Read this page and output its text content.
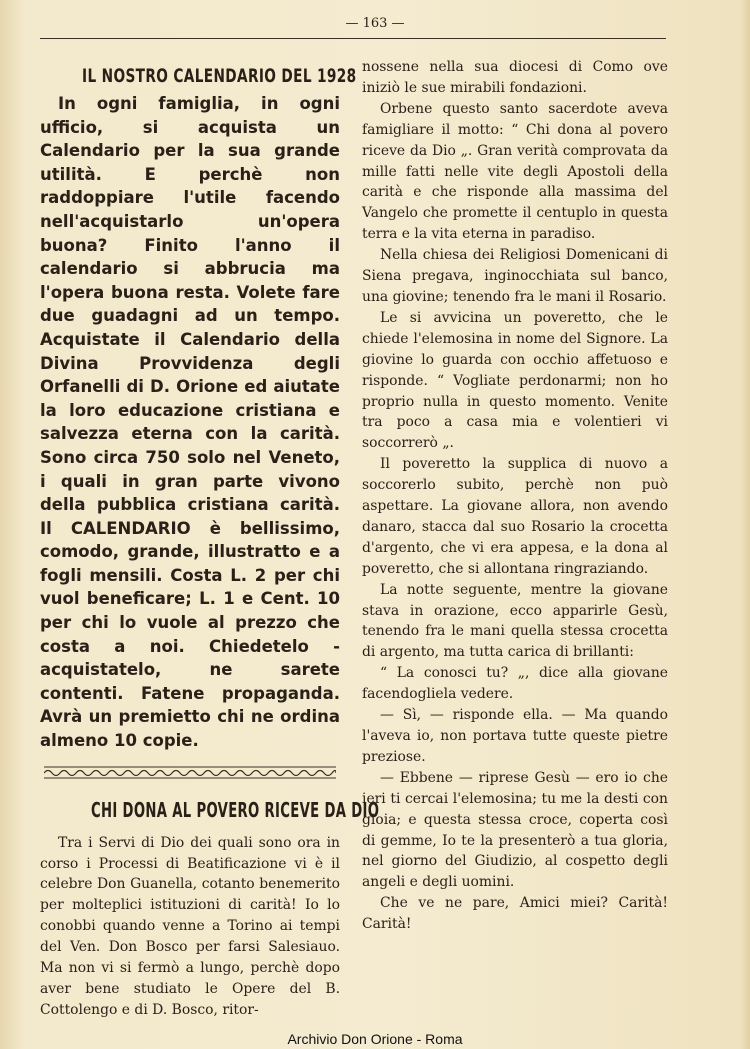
— 163 —
IL NOSTRO CALENDARIO DEL 1928

In ogni famiglia, in ogni ufficio, si acquista un Calendario per la sua grande utilità. E perchè non raddoppiare l'utile facendo nell'acquistarlo un'opera buona? Finito l'anno il calendario si abbrucia ma l'opera buona resta. Volete fare due guadagni ad un tempo. Acquistate il Calendario della Divina Provvidenza degli Orfanelli di D. Orione ed aiutate la loro educazione cristiana e salvezza eterna con la carità. Sono circa 750 solo nel Veneto, i quali in gran parte vivono della pubblica cristiana carità. Il CALENDARIO è bellissimo, comodo, grande, illustratto e a fogli mensili. Costa L. 2 per chi vuol beneficare; L. 1 e Cent. 10 per chi lo vuole al prezzo che costa a noi. Chiedetelo - acquistatelo, ne sarete contenti. Fatene propaganda. Avrà un premietto chi ne ordina almeno 10 copie.

CHI DONA AL POVERO RICEVE DA DIO

Tra i Servi di Dio dei quali sono ora in corso i Processi di Beatificazione vi è il celebre Don Guanella, cotanto benemerito per molteplici istituzioni di carità! Io lo conobbi quando venne a Torino ai tempi del Ven. Don Bosco per farsi Salesiauo. Ma non vi si fermò a lungo, perchè dopo aver bene studiato le Opere del B. Cottolengo e di D. Bosco, ritor-

nossene nella sua diocesi di Como ove iniziò le sue mirabili fondazioni.

Orbene questo santo sacerdote aveva famigliare il motto: “ Chi dona al povero riceve da Dio „. Gran verità comprovata da mille fatti nelle vite degli Apostoli della carità e che risponde alla massima del Vangelo che promette il centuplo in questa terra e la vita eterna in paradiso.

Nella chiesa dei Religiosi Domenicani di Siena pregava, inginocchiata sul banco, una giovine; tenendo fra le mani il Rosario.

Le si avvicina un poveretto, che le chiede l'elemosina in nome del Signore. La giovine lo guarda con occhio affetuoso e risponde. “ Vogliate perdonarmi; non ho proprio nulla in questo momento. Venite tra poco a casa mia e volentieri vi soccorrerò „.

Il poveretto la supplica di nuovo a soccorerlo subito, perchè non può aspettare. La giovane allora, non avendo danaro, stacca dal suo Rosario la crocetta d'argento, che vi era appesa, e la dona al poveretto, che si allontana ringraziando.

La notte seguente, mentre la giovane stava in orazione, ecco apparirle Gesù, tenendo fra le mani quella stessa crocetta di argento, ma tutta carica di brillanti:

“ La conosci tu? „, dice alla giovane facendogliela vedere.

— Sì, — risponde ella. — Ma quando l'aveva io, non portava tutte queste pietre preziose.

— Ebbene — riprese Gesù — ero io che ieri ti cercai l'elemosina; tu me la desti con gioia; e questa stessa croce, coperta così di gemme, Io te la presenterò a tua gloria, nel giorno del Giudizio, al cospetto degli angeli e degli uomini.

Che ve ne pare, Amici miei? Carità! Carità!

Archivio Don Orione - Roma
